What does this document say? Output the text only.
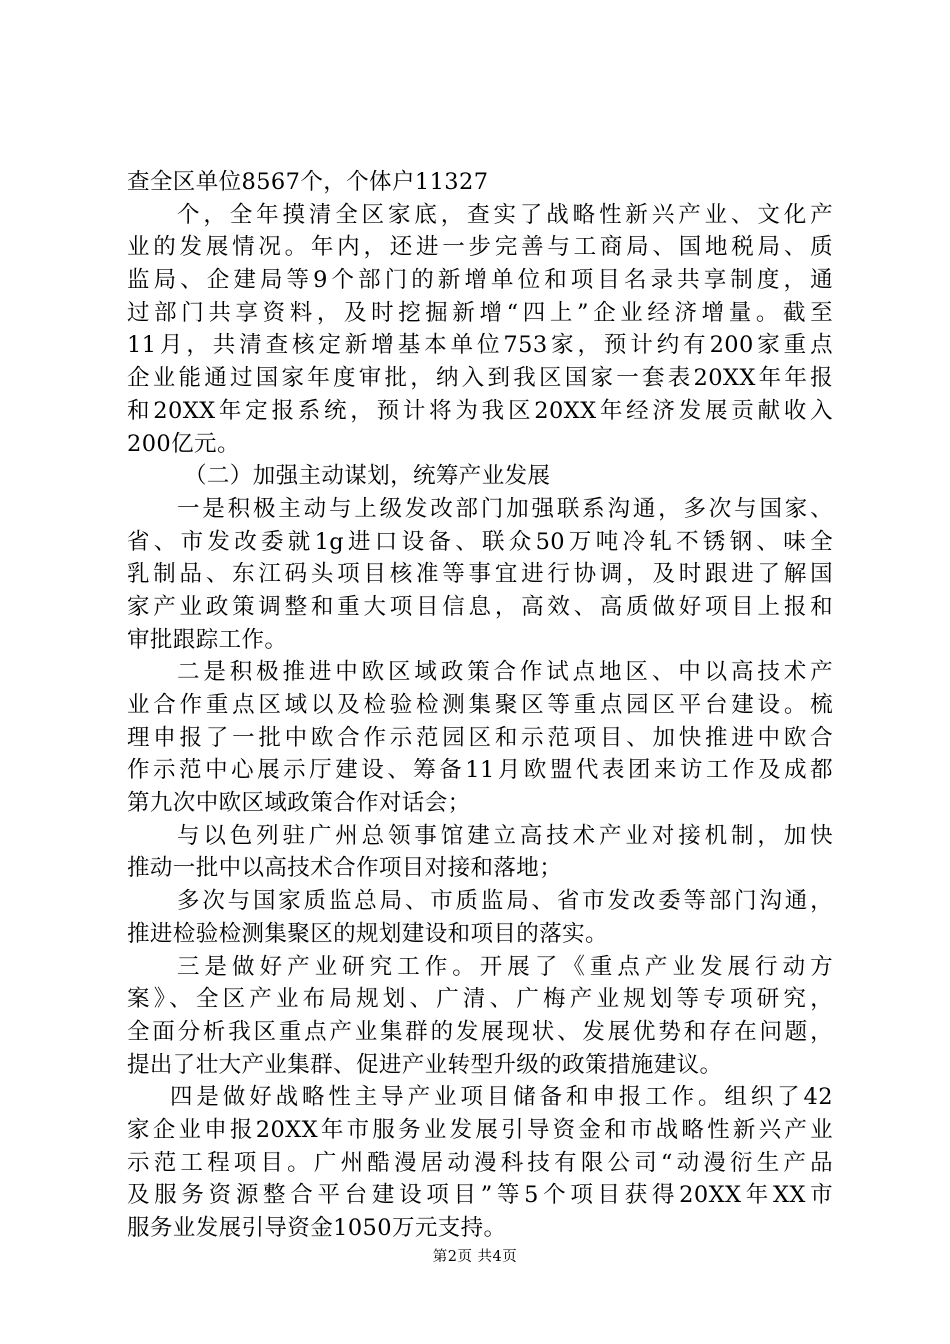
查全区单位8567个，个体户11327
个，全年摸清全区家底，查实了战略性新兴产业、文化产
业的发展情况。年内，还进一步完善与工商局、国地税局、质
监局、企建局等9个部门的新增单位和项目名录共享制度，通
过部门共享资料，及时挖掘新增“四上”企业经济增量。截至
11月，共清查核定新增基本单位753家，预计约有200家重点
企业能通过国家年度审批，纳入到我区国家一套表20XX年年报
和20XX年定报系统，预计将为我区20XX年经济发展贡献收入
200亿元。
（二）加强主动谋划，统筹产业发展
一是积极主动与上级发改部门加强联系沟通，多次与国家、
省、市发改委就1g进口设备、联众50万吨冷轧不锈钢、味全
乳制品、东江码头项目核准等事宜进行协调，及时跟进了解国
家产业政策调整和重大项目信息，高效、高质做好项目上报和
审批跟踪工作。
二是积极推进中欧区域政策合作试点地区、中以高技术产
业合作重点区域以及检验检测集聚区等重点园区平台建设。梳
理申报了一批中欧合作示范园区和示范项目、加快推进中欧合
作示范中心展示厅建设、筹备11月欧盟代表团来访工作及成都
第九次中欧区域政策合作对话会；
与以色列驻广州总领事馆建立高技术产业对接机制，加快
推动一批中以高技术合作项目对接和落地；
多次与国家质监总局、市质监局、省市发改委等部门沟通，
推进检验检测集聚区的规划建设和项目的落实。
三是做好产业研究工作。开展了《重点产业发展行动方
案》、全区产业布局规划、广清、广梅产业规划等专项研究，
全面分析我区重点产业集群的发展现状、发展优势和存在问题，
提出了壮大产业集群、促进产业转型升级的政策措施建议。
四是做好战略性主导产业项目储备和申报工作。组织了42
家企业申报20XX年市服务业发展引导资金和市战略性新兴产业
示范工程项目。广州酷漫居动漫科技有限公司“动漫衍生产品
及服务资源整合平台建设项目”等5个项目获得20XX年XX市
服务业发展引导资金1050万元支持。
第2页 共4页
